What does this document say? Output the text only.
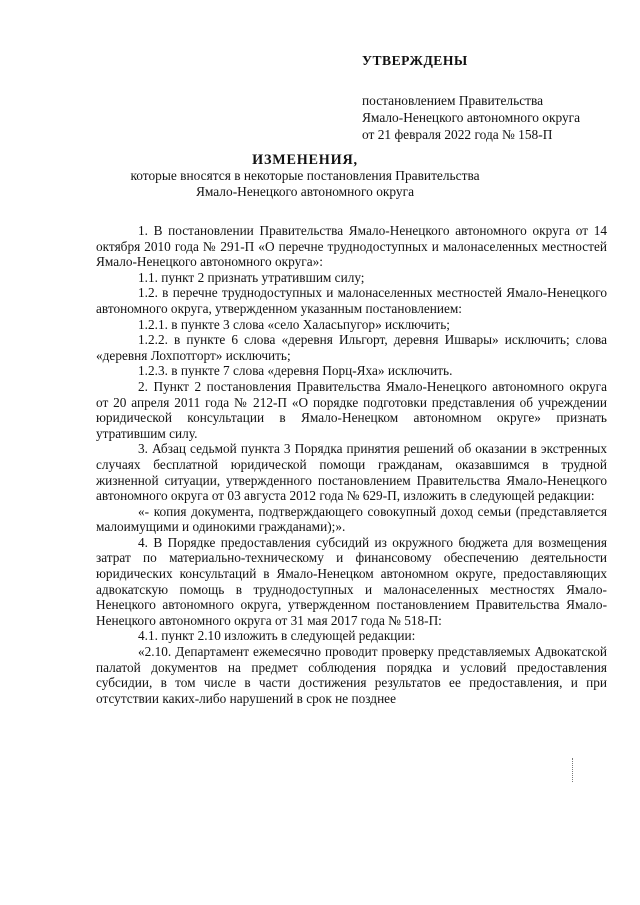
УТВЕРЖДЕНЫ
постановлением Правительства
Ямало-Ненецкого автономного округа
от 21 февраля 2022 года № 158-П
ИЗМЕНЕНИЯ,
которые вносятся в некоторые постановления Правительства
Ямало-Ненецкого автономного округа

1. В постановлении Правительства Ямало-Ненецкого автономного округа от 14 октября 2010 года № 291-П «О перечне труднодоступных и малонаселенных местностей Ямало-Ненецкого автономного округа»:

1.1. пункт 2 признать утратившим силу;

1.2. в перечне труднодоступных и малонаселенных местностей Ямало-Ненецкого автономного округа, утвержденном указанным постановлением:

1.2.1. в пункте 3 слова «село Халасьпугор» исключить;

1.2.2. в пункте 6 слова «деревня Ильгорт, деревня Ишвары» исключить; слова «деревня Лохпотгорт» исключить;

1.2.3. в пункте 7 слова «деревня Порц-Яха» исключить.

2. Пункт 2 постановления Правительства Ямало-Ненецкого автономного округа от 20 апреля 2011 года № 212-П «О порядке подготовки представления об учреждении юридической консультации в Ямало-Ненецком автономном округе» признать утратившим силу.

3. Абзац седьмой пункта 3 Порядка принятия решений об оказании в экстренных случаях бесплатной юридической помощи гражданам, оказавшимся в трудной жизненной ситуации, утвержденного постановлением Правительства Ямало-Ненецкого автономного округа от 03 августа 2012 года № 629-П, изложить в следующей редакции:

«- копия документа, подтверждающего совокупный доход семьи (представляется малоимущими и одинокими гражданами);».

4. В Порядке предоставления субсидий из окружного бюджета для возмещения затрат по материально-техническому и финансовому обеспечению деятельности юридических консультаций в Ямало-Ненецком автономном округе, предоставляющих адвокатскую помощь в труднодоступных и малонаселенных местностях Ямало-Ненецкого автономного округа, утвержденном постановлением Правительства Ямало-Ненецкого автономного округа от 31 мая 2017 года № 518-П:

4.1. пункт 2.10 изложить в следующей редакции:

«2.10. Департамент ежемесячно проводит проверку представляемых Адвокатской палатой документов на предмет соблюдения порядка и условий предоставления субсидии, в том числе в части достижения результатов ее предоставления, и при отсутствии каких-либо нарушений в срок не позднее
